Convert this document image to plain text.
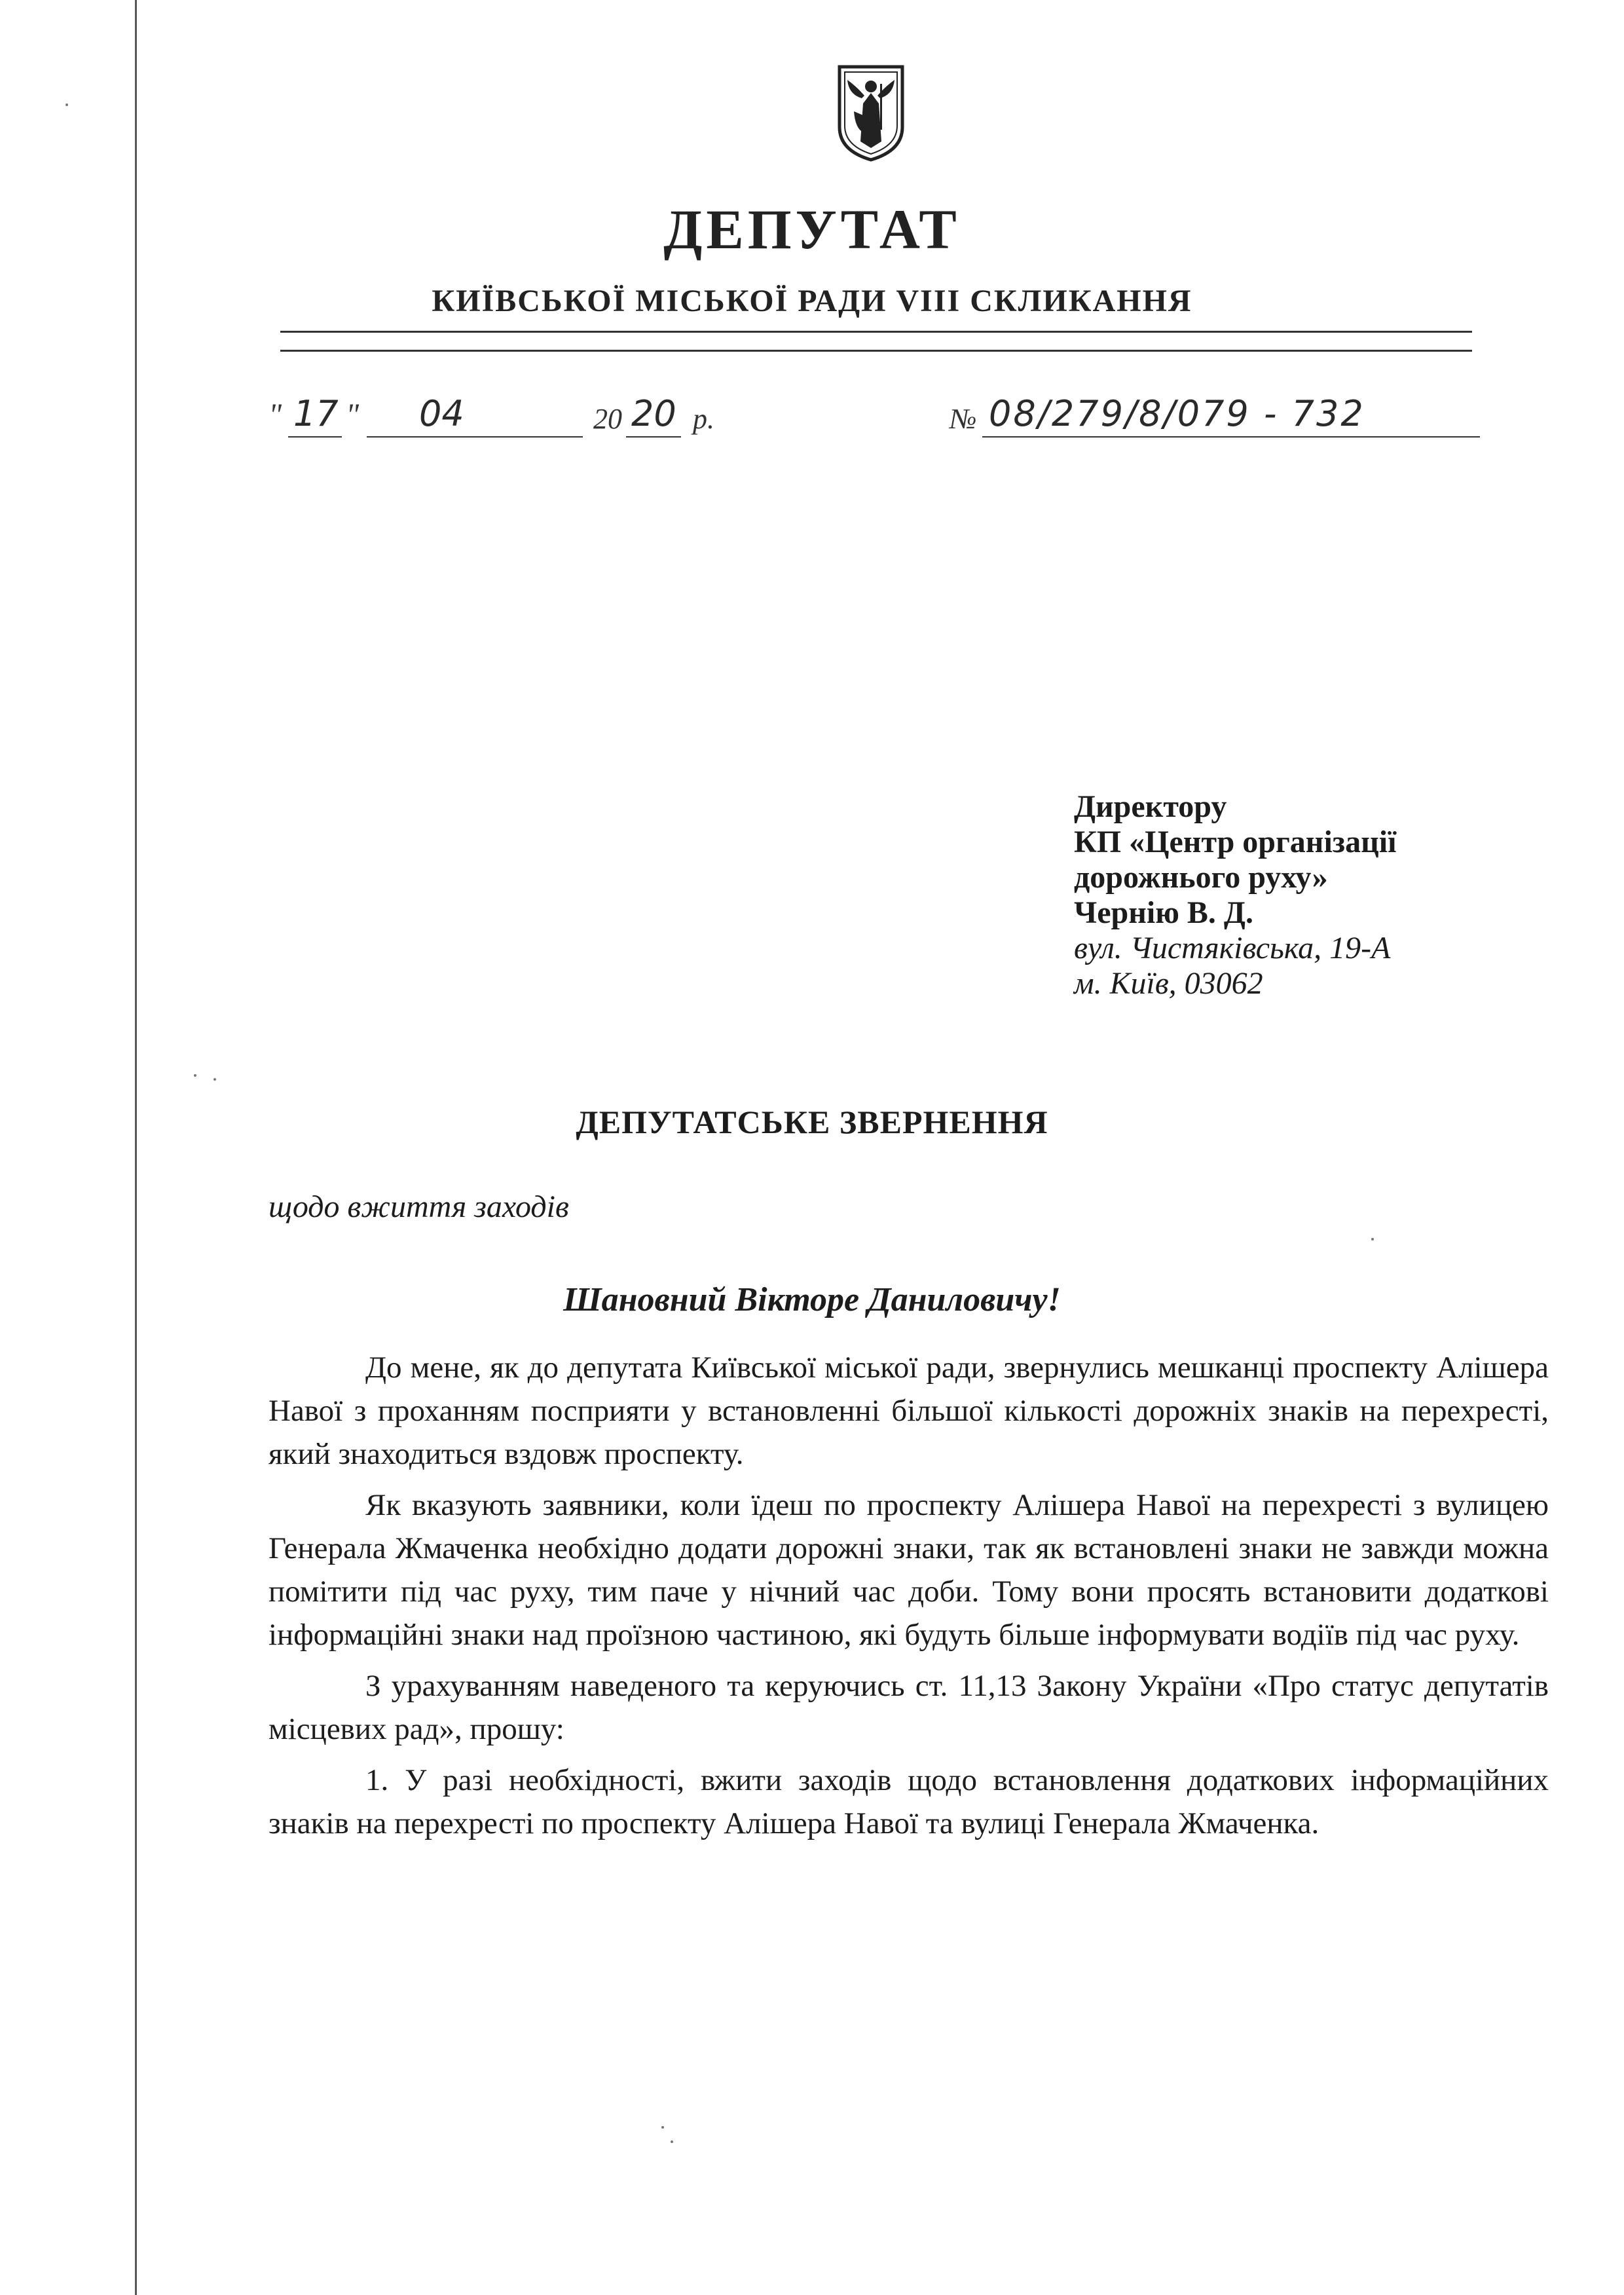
ДЕПУТАТ
КИЇВСЬКОЇ МІСЬКОЇ РАДИ VIII СКЛИКАННЯ
" 17 " 04	20 20 р.	№ 08/279/8/079 - 732
Директору
КП «Центр організації
дорожнього руху»
Чернію В. Д.
вул. Чистяківська, 19-А
м. Київ, 03062
ДЕПУТАТСЬКЕ ЗВЕРНЕННЯ
щодо вжиття заходів
Шановний Вікторе Даниловичу!

До мене, як до депутата Київської міської ради, звернулись мешканці проспекту Алішера Навої з проханням посприяти у встановленні більшої кількості дорожніх знаків на перехресті, який знаходиться вздовж проспекту.

Як вказують заявники, коли їдеш по проспекту Алішера Навої на перехресті з вулицею Генерала Жмаченка необхідно додати дорожні знаки, так як встановлені знаки не завжди можна помітити під час руху, тим паче у нічний час доби. Тому вони просять встановити додаткові інформаційні знаки над проїзною частиною, які будуть більше інформувати водіїв під час руху.

З урахуванням наведеного та керуючись ст. 11,13 Закону України «Про статус депутатів місцевих рад», прошу:

1. У разі необхідності, вжити заходів щодо встановлення додаткових інформаційних знаків на перехресті по проспекту Алішера Навої та вулиці Генерала Жмаченка.
